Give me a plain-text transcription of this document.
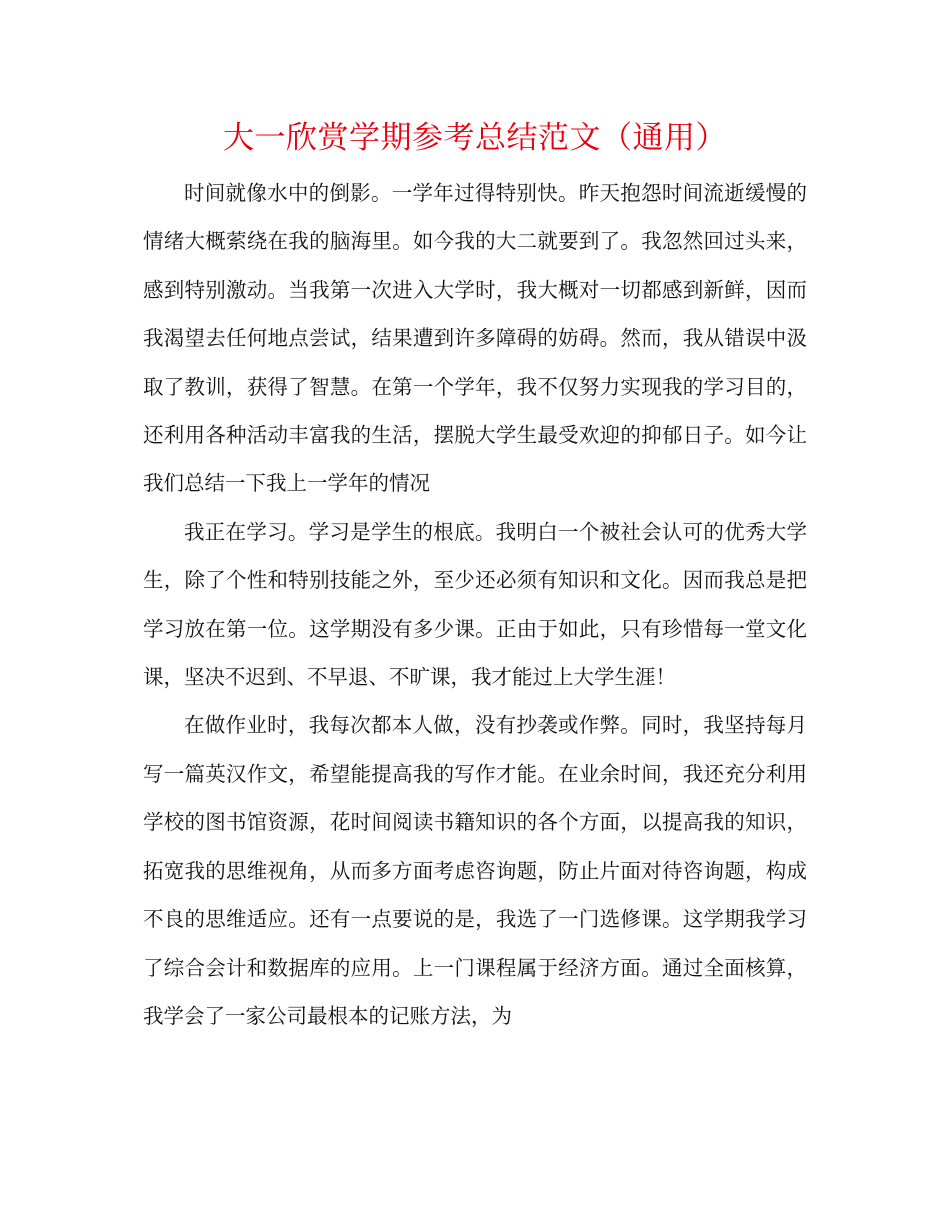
大一欣赏学期参考总结范文（通用）

时间就像水中的倒影。一学年过得特别快。昨天抱怨时间流逝缓慢的情绪大概萦绕在我的脑海里。如今我的大二就要到了。我忽然回过头来，感到特别激动。当我第一次进入大学时，我大概对一切都感到新鲜，因而我渴望去任何地点尝试，结果遭到许多障碍的妨碍。然而，我从错误中汲取了教训，获得了智慧。在第一个学年，我不仅努力实现我的学习目的，还利用各种活动丰富我的生活，摆脱大学生最受欢迎的抑郁日子。如今让我们总结一下我上一学年的情况

我正在学习。学习是学生的根底。我明白一个被社会认可的优秀大学生，除了个性和特别技能之外，至少还必须有知识和文化。因而我总是把学习放在第一位。这学期没有多少课。正由于如此，只有珍惜每一堂文化课，坚决不迟到、不早退、不旷课，我才能过上大学生涯！

在做作业时，我每次都本人做，没有抄袭或作弊。同时，我坚持每月写一篇英汉作文，希望能提高我的写作才能。在业余时间，我还充分利用学校的图书馆资源，花时间阅读书籍知识的各个方面，以提高我的知识，拓宽我的思维视角，从而多方面考虑咨询题，防止片面对待咨询题，构成不良的思维适应。还有一点要说的是，我选了一门选修课。这学期我学习了综合会计和数据库的应用。上一门课程属于经济方面。通过全面核算，我学会了一家公司最根本的记账方法，为
